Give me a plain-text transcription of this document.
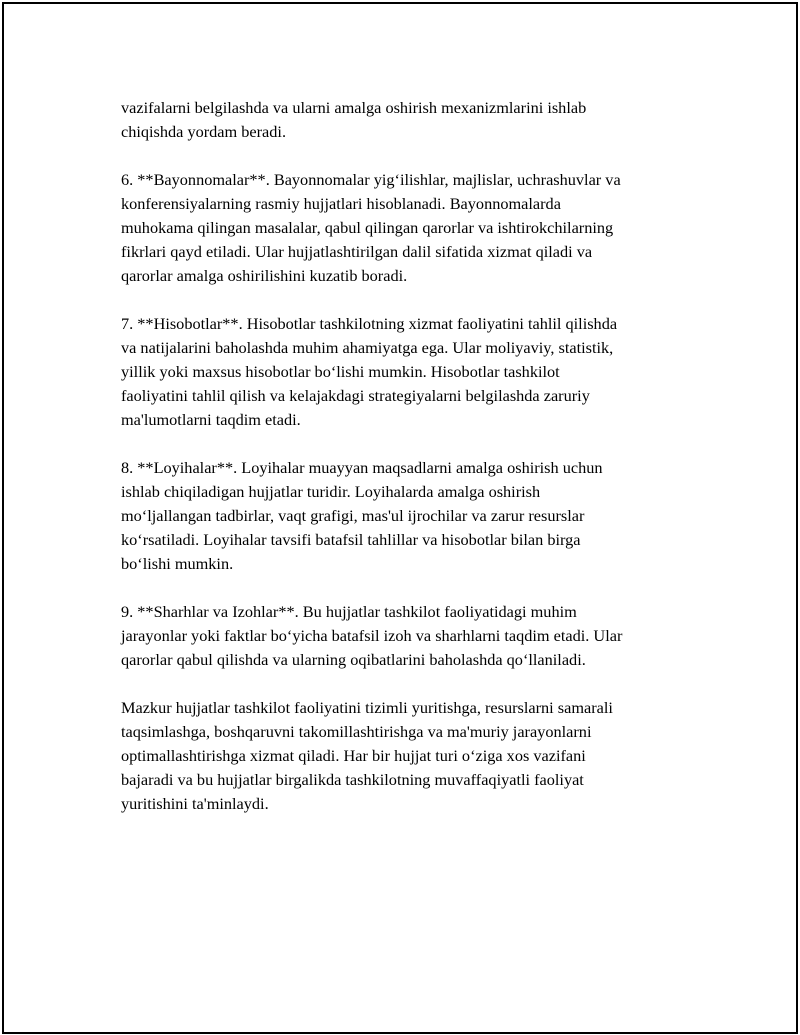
vazifalarni belgilashda va ularni amalga oshirish mexanizmlarini ishlab
chiqishda yordam beradi.

6. **Bayonnomalar**. Bayonnomalar yig‘ilishlar, majlislar, uchrashuvlar va
konferensiyalarning rasmiy hujjatlari hisoblanadi. Bayonnomalarda
muhokama qilingan masalalar, qabul qilingan qarorlar va ishtirokchilarning
fikrlari qayd etiladi. Ular hujjatlashtirilgan dalil sifatida xizmat qiladi va
qarorlar amalga oshirilishini kuzatib boradi.

7. **Hisobotlar**. Hisobotlar tashkilotning xizmat faoliyatini tahlil qilishda
va natijalarini baholashda muhim ahamiyatga ega. Ular moliyaviy, statistik,
yillik yoki maxsus hisobotlar bo‘lishi mumkin. Hisobotlar tashkilot
faoliyatini tahlil qilish va kelajakdagi strategiyalarni belgilashda zaruriy
ma'lumotlarni taqdim etadi.

8. **Loyihalar**. Loyihalar muayyan maqsadlarni amalga oshirish uchun
ishlab chiqiladigan hujjatlar turidir. Loyihalarda amalga oshirish
mo‘ljallangan tadbirlar, vaqt grafigi, mas'ul ijrochilar va zarur resurslar
ko‘rsatiladi. Loyihalar tavsifi batafsil tahlillar va hisobotlar bilan birga
bo‘lishi mumkin.

9. **Sharhlar va Izohlar**. Bu hujjatlar tashkilot faoliyatidagi muhim
jarayonlar yoki faktlar bo‘yicha batafsil izoh va sharhlarni taqdim etadi. Ular
qarorlar qabul qilishda va ularning oqibatlarini baholashda qo‘llaniladi.

Mazkur hujjatlar tashkilot faoliyatini tizimli yuritishga, resurslarni samarali
taqsimlashga, boshqaruvni takomillashtirishga va ma'muriy jarayonlarni
optimallashtirishga xizmat qiladi. Har bir hujjat turi o‘ziga xos vazifani
bajaradi va bu hujjatlar birgalikda tashkilotning muvaffaqiyatli faoliyat
yuritishini ta'minlaydi.
